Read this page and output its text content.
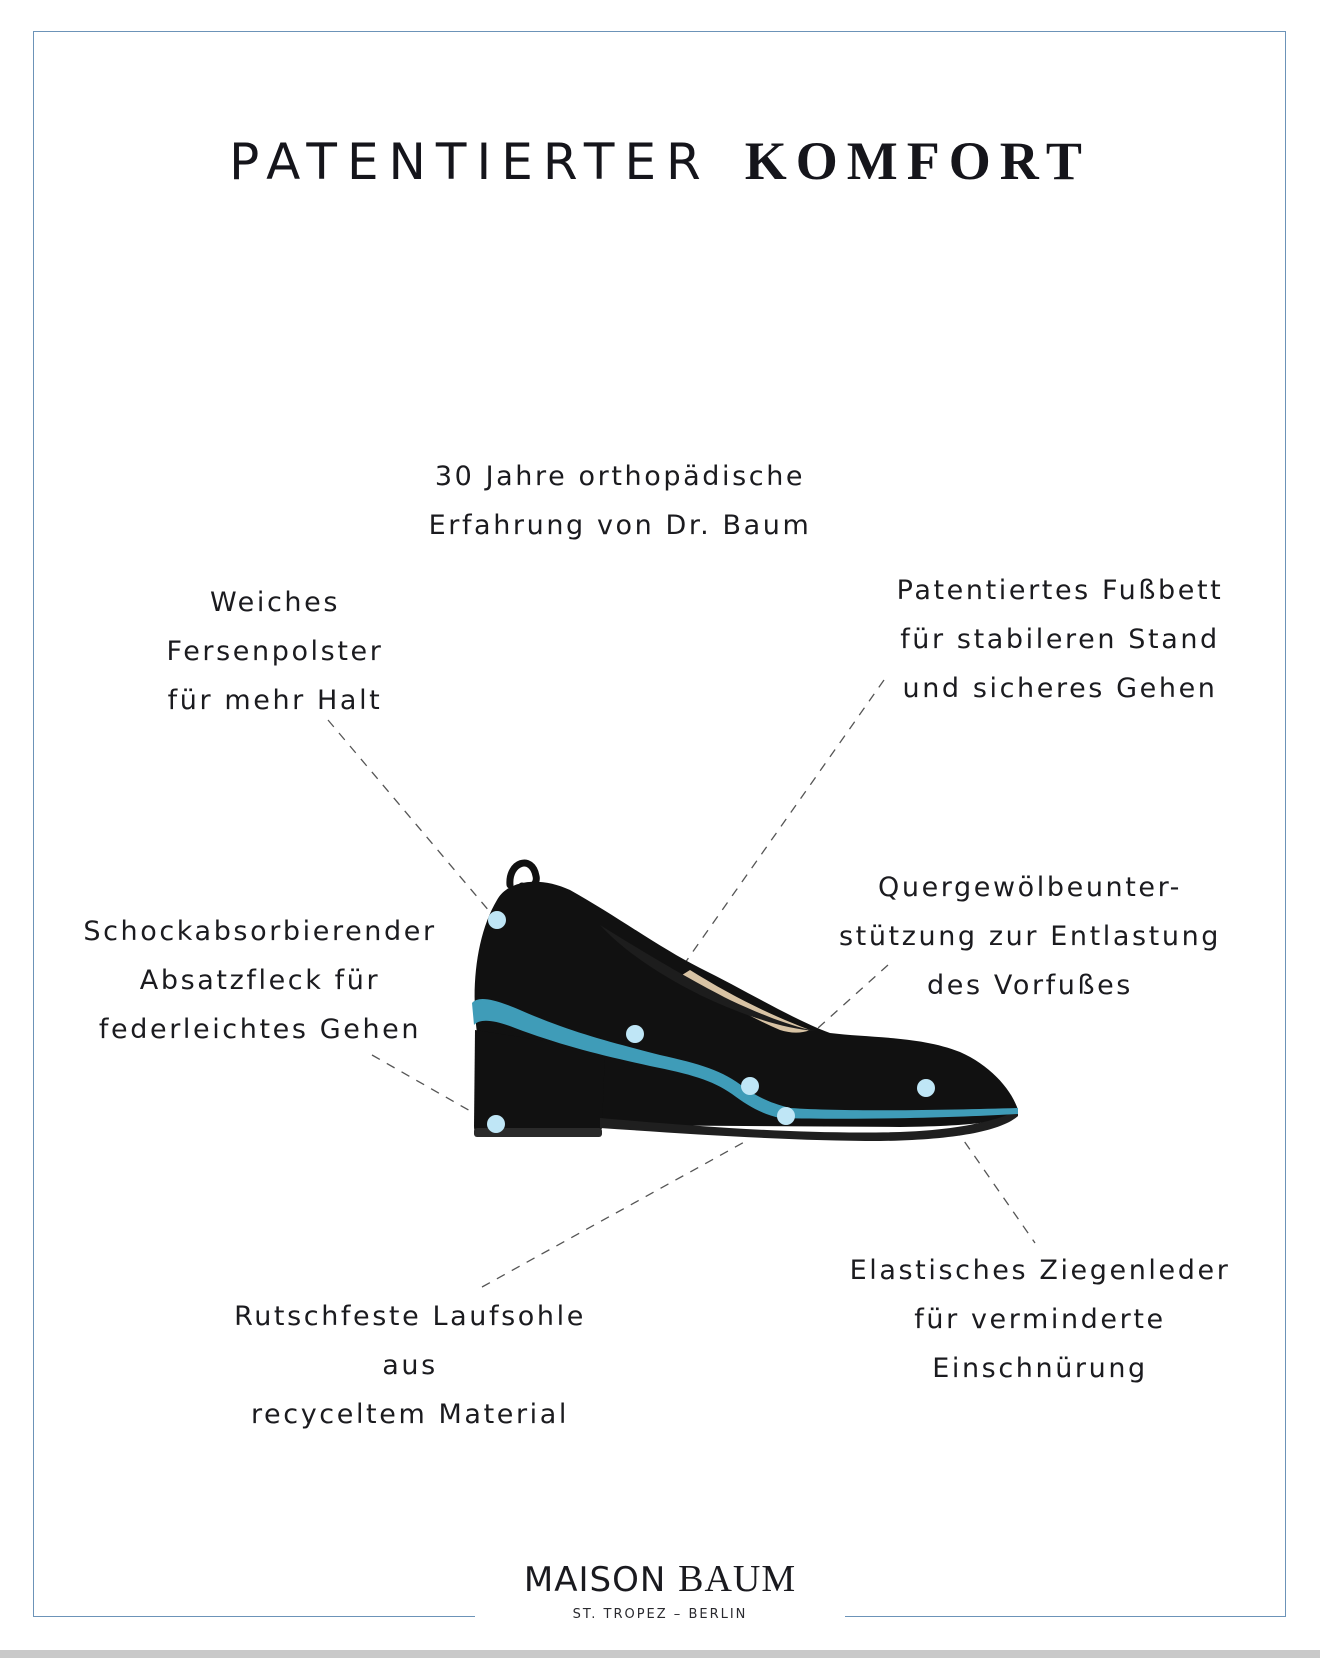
PATENTIERTER KOMFORT
30 Jahre orthopädische
Erfahrung von Dr. Baum
Weiches
Fersenpolster
für mehr Halt
Patentiertes Fußbett
für stabileren Stand
und sicheres Gehen
Schockabsorbierender
Absatzfleck für
federleichtes Gehen
Quergewölbeunter-
stützung zur Entlastung
des Vorfußes
Rutschfeste Laufsohle
aus
recyceltem Material
Elastisches Ziegenleder
für verminderte
Einschnürung
MAISON BAUM
ST. TROPEZ – BERLIN
